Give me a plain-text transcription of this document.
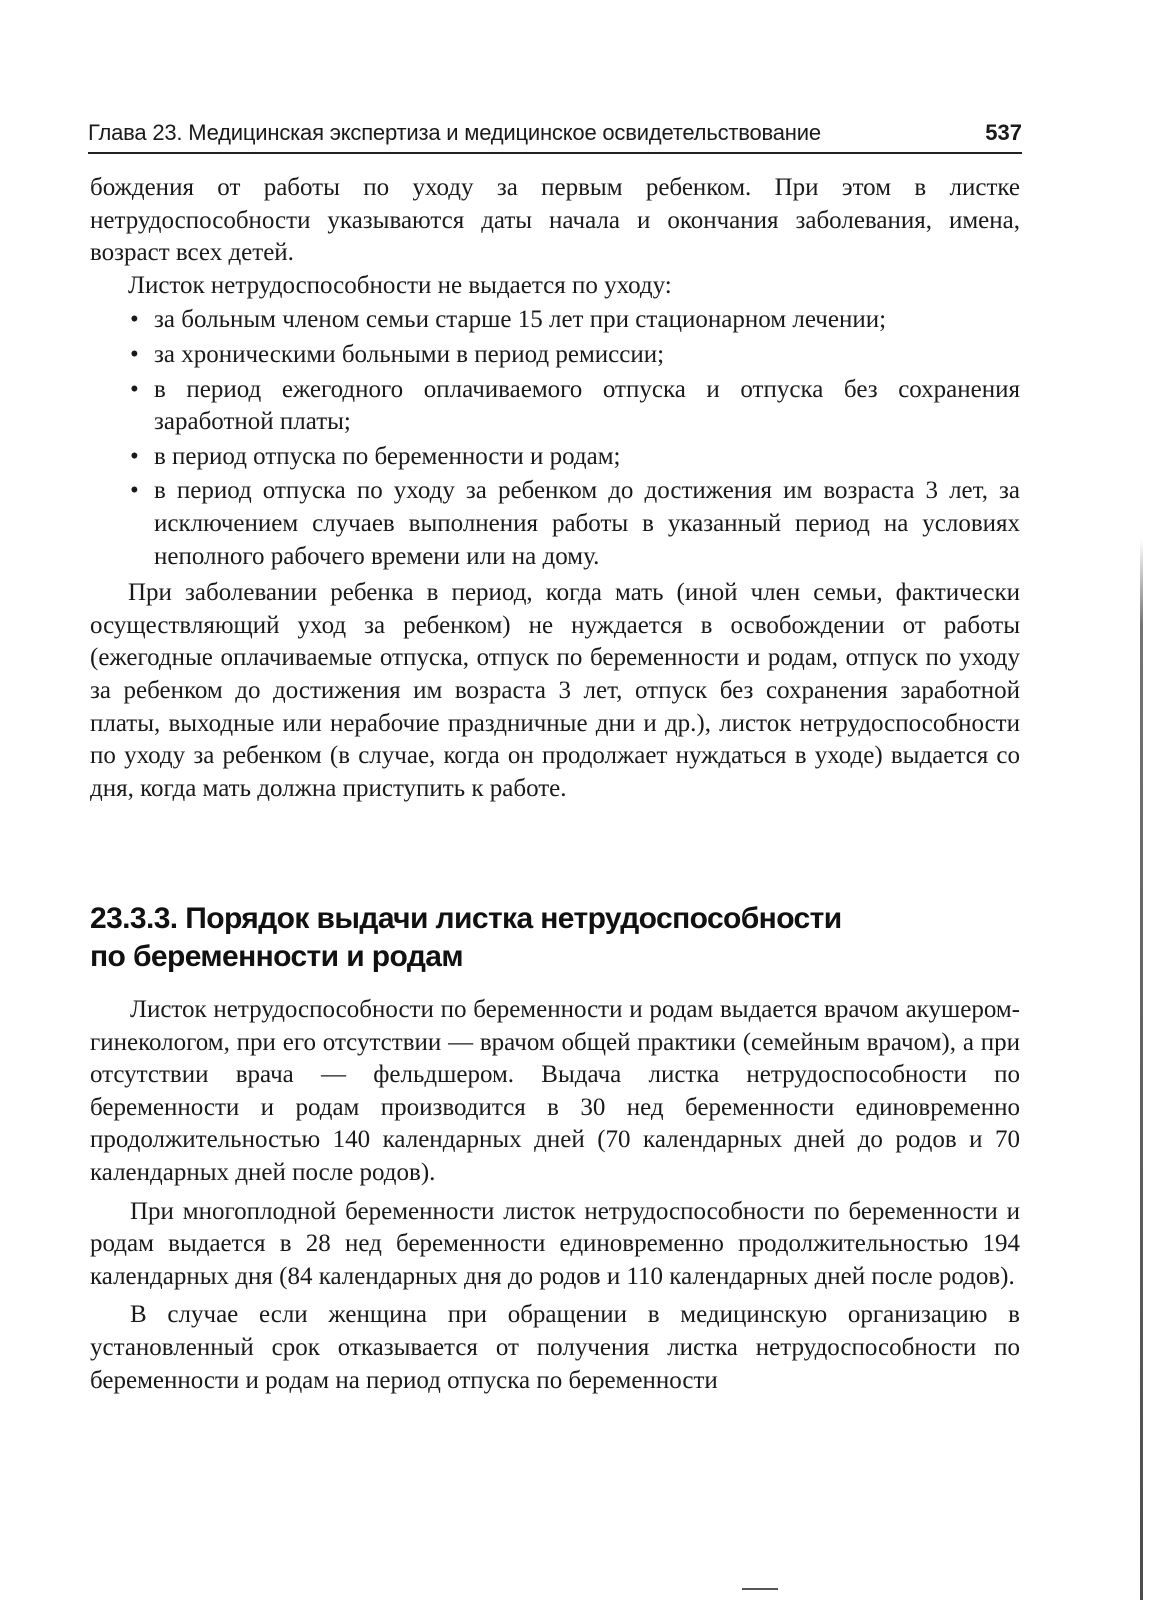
Глава 23. Медицинская экспертиза и медицинское освидетельствование	537

бождения от работы по уходу за первым ребенком. При этом в листке нетрудоспособности указываются даты начала и окончания заболевания, имена, возраст всех детей.

Листок нетрудоспособности не выдается по уходу:

• за больным членом семьи старше 15 лет при стационарном лечении;
• за хроническими больными в период ремиссии;
• в период ежегодного оплачиваемого отпуска и отпуска без сохранения заработной платы;
• в период отпуска по беременности и родам;
• в период отпуска по уходу за ребенком до достижения им возраста 3 лет, за исключением случаев выполнения работы в указанный период на условиях неполного рабочего времени или на дому.

При заболевании ребенка в период, когда мать (иной член семьи, фактически осуществляющий уход за ребенком) не нуждается в освобождении от работы (ежегодные оплачиваемые отпуска, отпуск по беременности и родам, отпуск по уходу за ребенком до достижения им возраста 3 лет, отпуск без сохранения заработной платы, выходные или нерабочие праздничные дни и др.), листок нетрудоспособности по уходу за ребенком (в случае, когда он продолжает нуждаться в уходе) выдается со дня, когда мать должна приступить к работе.

23.3.3. Порядок выдачи листка нетрудоспособности
по беременности и родам

Листок нетрудоспособности по беременности и родам выдается врачом акушером-гинекологом, при его отсутствии — врачом общей практики (семейным врачом), а при отсутствии врача — фельдшером. Выдача листка нетрудоспособности по беременности и родам производится в 30 нед беременности единовременно продолжительностью 140 календарных дней (70 календарных дней до родов и 70 календарных дней после родов).

При многоплодной беременности листок нетрудоспособности по беременности и родам выдается в 28 нед беременности единовременно продолжительностью 194 календарных дня (84 календарных дня до родов и 110 календарных дней после родов).

В случае если женщина при обращении в медицинскую организацию в установленный срок отказывается от получения листка нетрудоспособности по беременности и родам на период отпуска по беременности
